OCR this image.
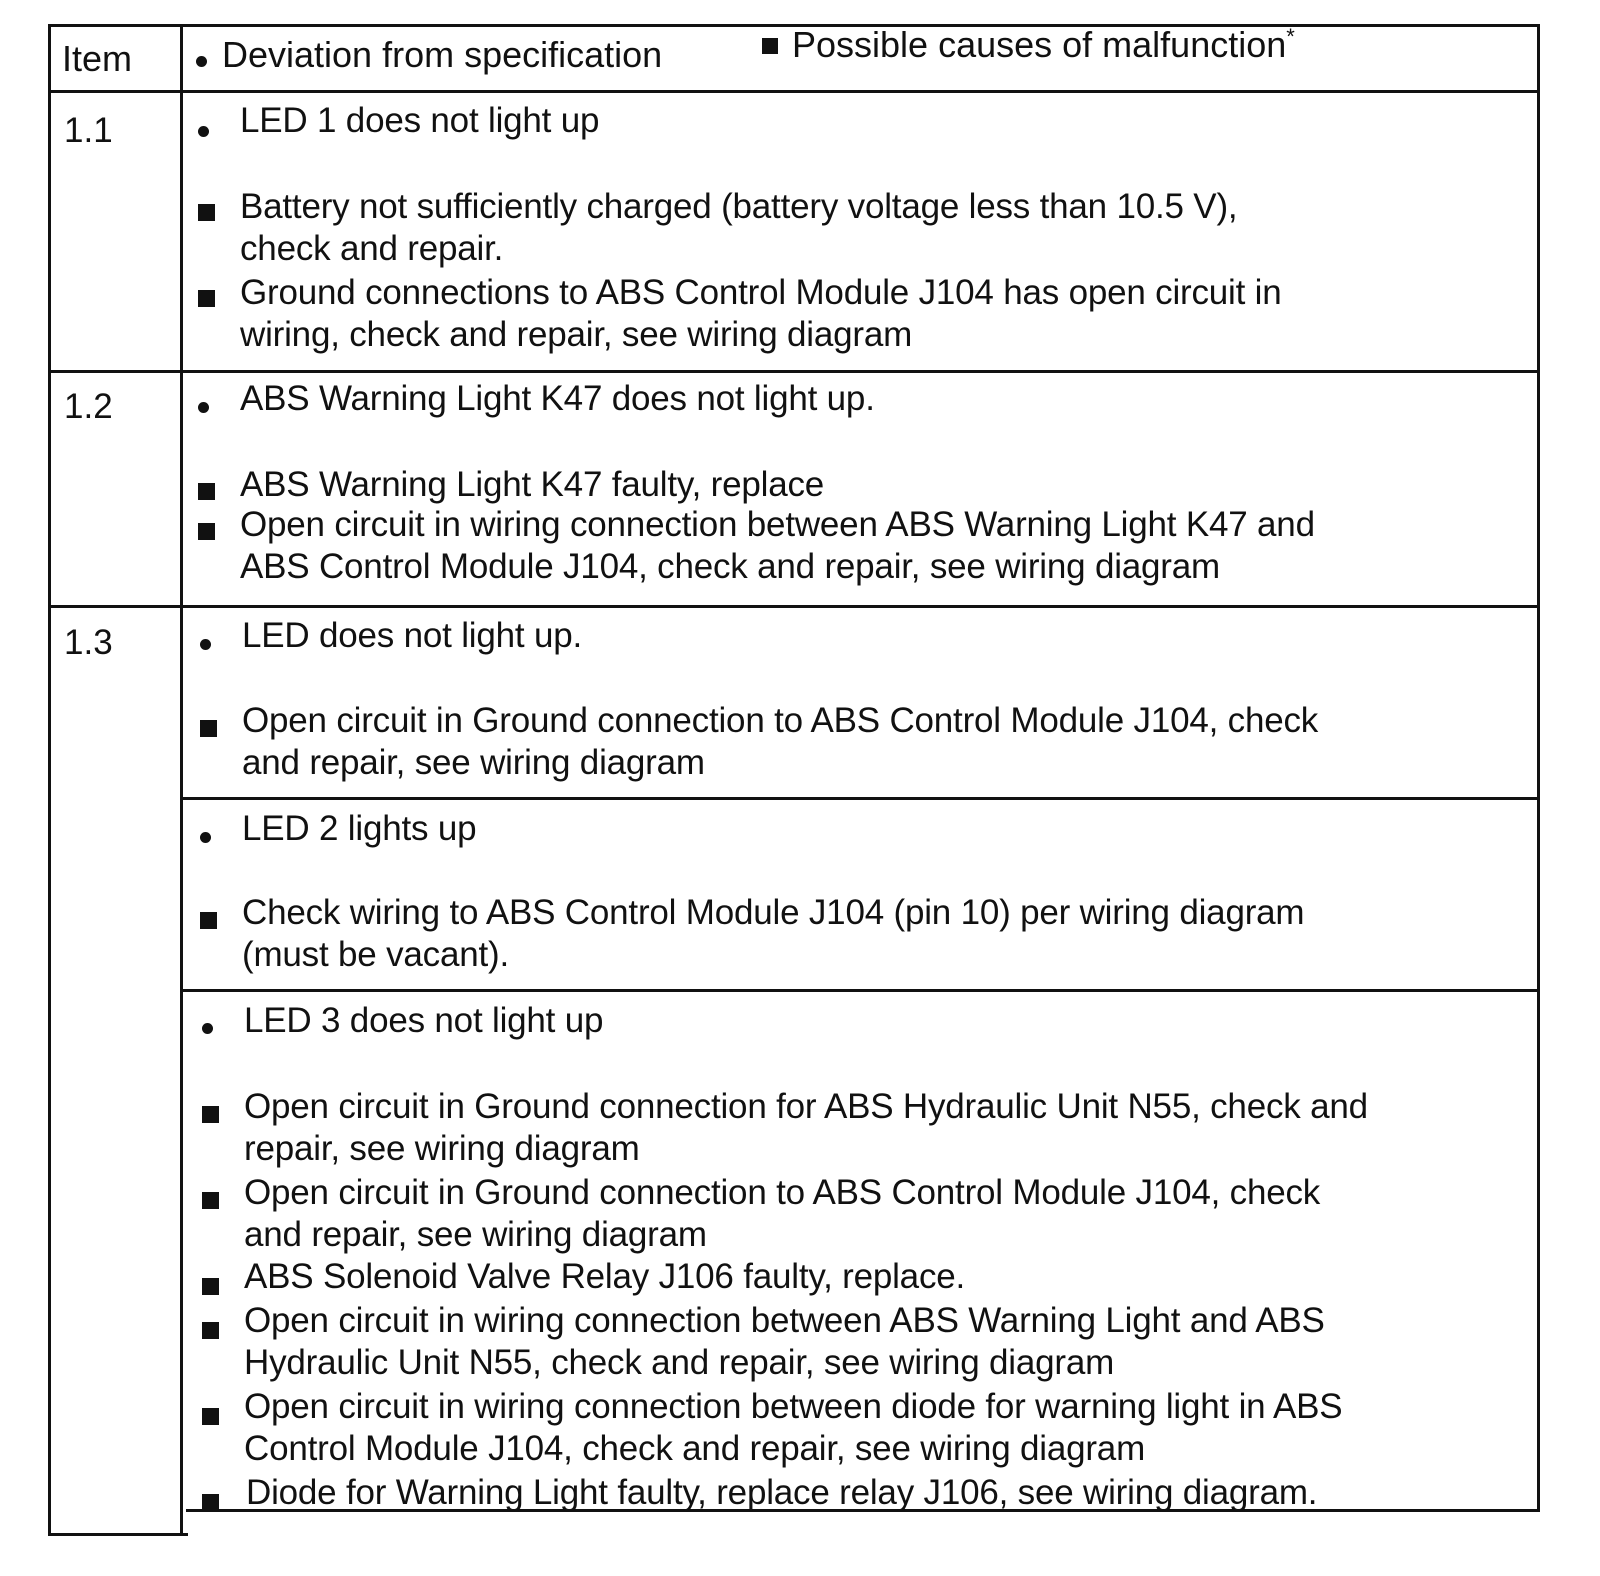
Item Deviation from specification	Possible causes of malfunction*
1.1	LED 1 does not light up
Battery not sufficiently charged (battery voltage less than 10.5 V),
check and repair.
Ground connections to ABS Control Module J104 has open circuit in
wiring, check and repair, see wiring diagram
1.2	ABS Warning Light K47 does not light up.
ABS Warning Light K47 faulty, replace
Open circuit in wiring connection between ABS Warning Light K47 and
ABS Control Module J104, check and repair, see wiring diagram
1.3	LED does not light up.
Open circuit in Ground connection to ABS Control Module J104, check
and repair, see wiring diagram
LED 2 lights up
Check wiring to ABS Control Module J104 (pin 10) per wiring diagram
(must be vacant).
LED 3 does not light up
Open circuit in Ground connection for ABS Hydraulic Unit N55, check and
repair, see wiring diagram
Open circuit in Ground connection to ABS Control Module J104, check
and repair, see wiring diagram
ABS Solenoid Valve Relay J106 faulty, replace.
Open circuit in wiring connection between ABS Warning Light and ABS
Hydraulic Unit N55, check and repair, see wiring diagram
Open circuit in wiring connection between diode for warning light in ABS
Control Module J104, check and repair, see wiring diagram
Diode for Warning Light faulty, replace relay J106, see wiring diagram.
